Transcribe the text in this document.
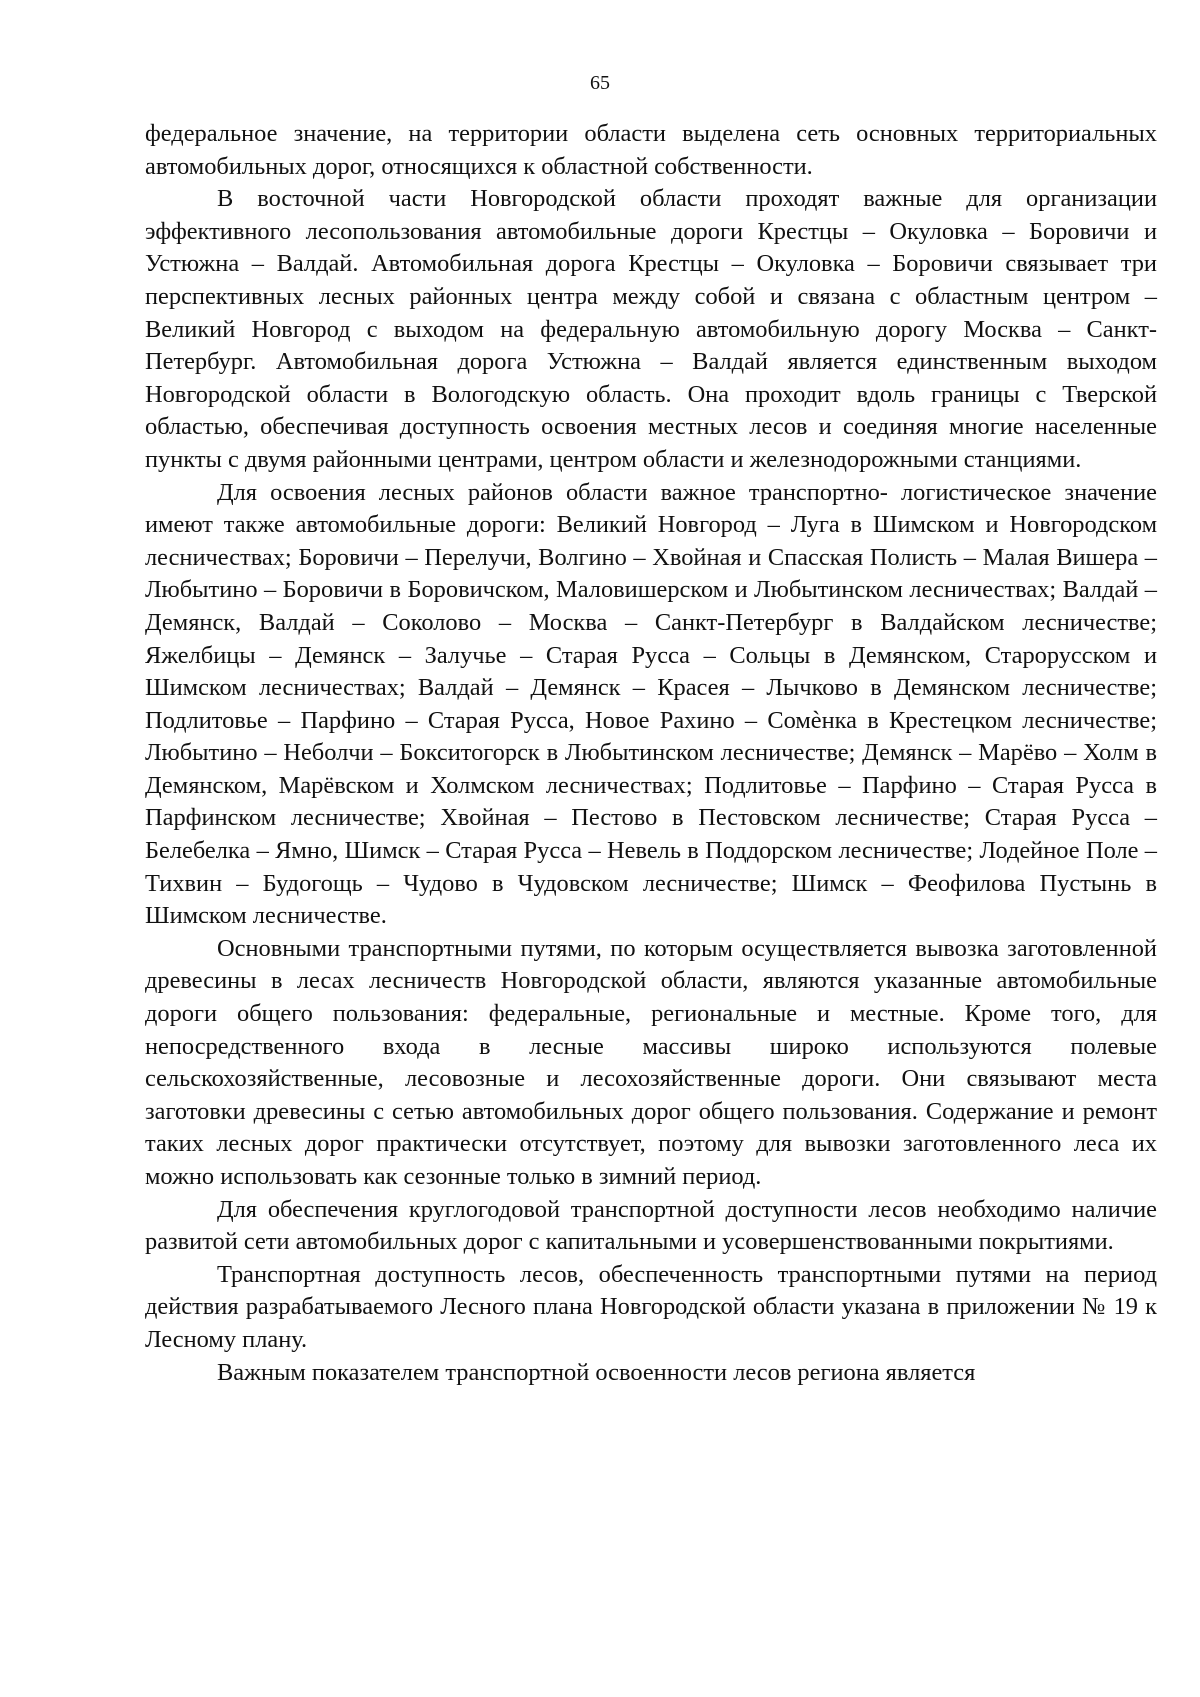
65

федеральное значение, на территории области выделена сеть основных территориальных автомобильных дорог, относящихся к областной собственности.

В восточной части Новгородской области проходят важные для организации эффективного лесопользования автомобильные дороги Крестцы – Окуловка – Боровичи и Устюжна – Валдай. Автомобильная дорога Крестцы – Окуловка – Боровичи связывает три перспективных лесных районных центра между собой и связана с областным центром – Великий Новгород с выходом на федеральную автомобильную дорогу Москва – Санкт-Петербург. Автомобильная дорога Устюжна – Валдай является единственным выходом Новгородской области в Вологодскую область. Она проходит вдоль границы с Тверской областью, обеспечивая доступность освоения местных лесов и соединяя многие населенные пункты с двумя районными центрами, центром области и железнодорожными станциями.

Для освоения лесных районов области важное транспортно- логистическое значение имеют также автомобильные дороги: Великий Новгород – Луга в Шимском и Новгородском лесничествах; Боровичи – Перелучи, Волгино – Хвойная и Спасская Полисть – Малая Вишера – Любытино – Боровичи в Боровичском, Маловишерском и Любытинском лесничествах; Валдай – Демянск, Валдай – Соколово – Москва – Санкт-Петербург в Валдайском лесничестве; Яжелбицы – Демянск – Залучье – Старая Русса – Сольцы в Демянском, Старорусском и Шимском лесничествах; Валдай – Демянск – Красея – Лычково в Демянском лесничестве; Подлитовье – Парфино – Старая Русса, Новое Рахино – Сомѐнка в Крестецком лесничестве; Любытино – Неболчи – Бокситогорск в Любытинском лесничестве; Демянск – Марёво – Холм в Демянском, Марёвском и Холмском лесничествах; Подлитовье – Парфино – Старая Русса в Парфинском лесничестве; Хвойная – Пестово в Пестовском лесничестве; Старая Русса – Белебелка – Ямно, Шимск – Старая Русса – Невель в Поддорском лесничестве; Лодейное Поле – Тихвин – Будогощь – Чудово в Чудовском лесничестве; Шимск – Феофилова Пустынь в Шимском лесничестве.

Основными транспортными путями, по которым осуществляется вывозка заготовленной древесины в лесах лесничеств Новгородской области, являются указанные автомобильные дороги общего пользования: федеральные, региональные и местные. Кроме того, для непосредственного входа в лесные массивы широко используются полевые сельскохозяйственные, лесовозные и лесохозяйственные дороги. Они связывают места заготовки древесины с сетью автомобильных дорог общего пользования. Содержание и ремонт таких лесных дорог практически отсутствует, поэтому для вывозки заготовленного леса их можно использовать как сезонные только в зимний период.

Для обеспечения круглогодовой транспортной доступности лесов необходимо наличие развитой сети автомобильных дорог с капитальными и усовершенствованными покрытиями.

Транспортная доступность лесов, обеспеченность транспортными путями на период действия разрабатываемого Лесного плана Новгородской области указана в приложении № 19 к Лесному плану.

Важным показателем транспортной освоенности лесов региона является
